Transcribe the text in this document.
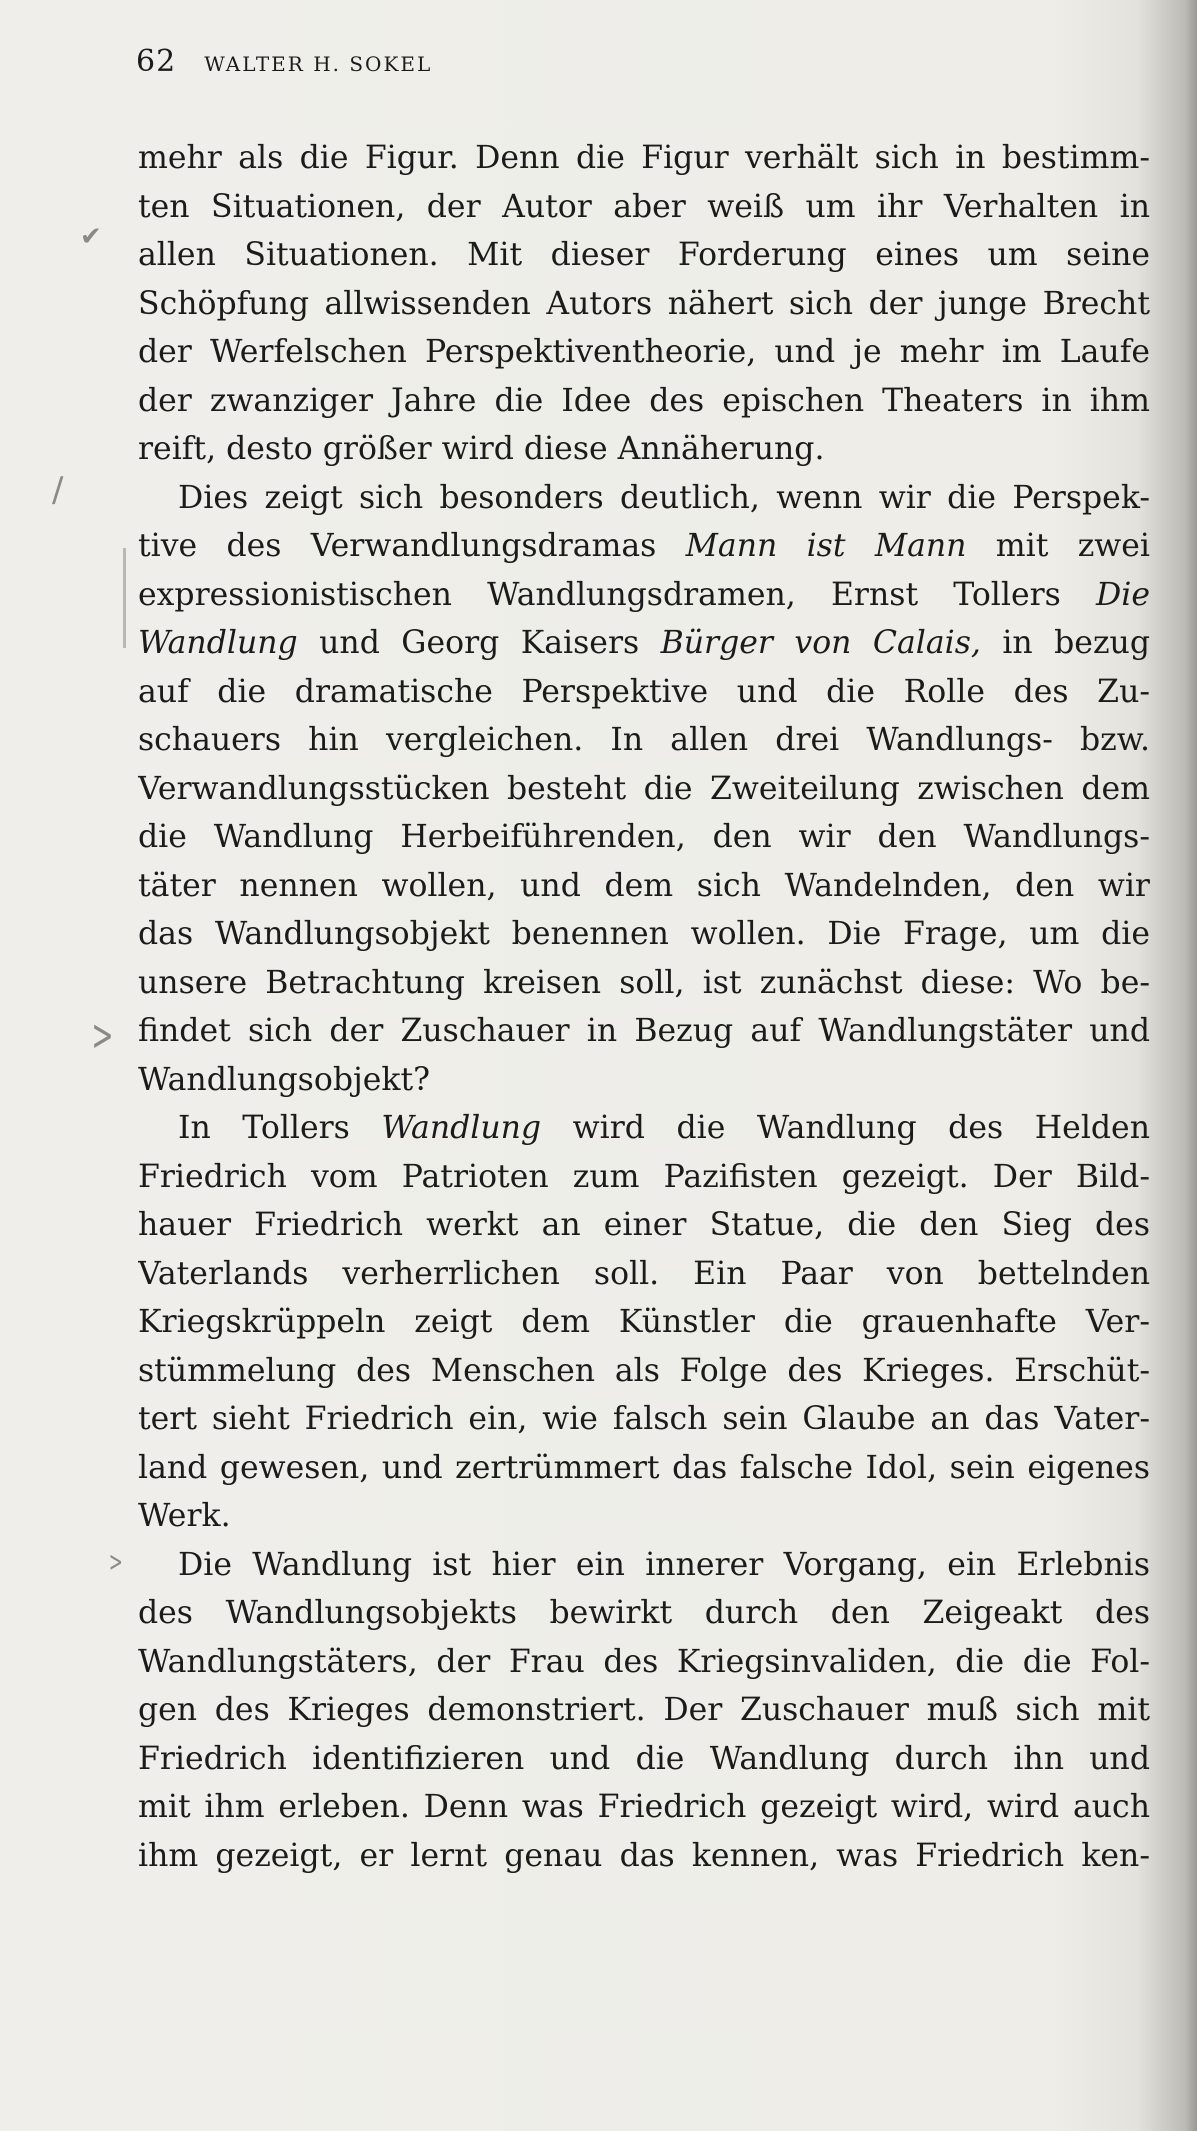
62 WALTER H. SOKEL
mehr als die Figur. Denn die Figur verhält sich in bestimm-
ten Situationen, der Autor aber weiß um ihr Verhalten in
allen Situationen. Mit dieser Forderung eines um seine
Schöpfung allwissenden Autors nähert sich der junge Brecht
der Werfelschen Perspektiventheorie, und je mehr im Laufe
der zwanziger Jahre die Idee des epischen Theaters in ihm
reift, desto größer wird diese Annäherung.
Dies zeigt sich besonders deutlich, wenn wir die Perspek-
tive des Verwandlungsdramas Mann ist Mann mit zwei
expressionistischen Wandlungsdramen, Ernst Tollers Die
Wandlung und Georg Kaisers Bürger von Calais, in bezug
auf die dramatische Perspektive und die Rolle des Zu-
schauers hin vergleichen. In allen drei Wandlungs- bzw.
Verwandlungsstücken besteht die Zweiteilung zwischen dem
die Wandlung Herbeiführenden, den wir den Wandlungs-
täter nennen wollen, und dem sich Wandelnden, den wir
das Wandlungsobjekt benennen wollen. Die Frage, um die
unsere Betrachtung kreisen soll, ist zunächst diese: Wo be-
findet sich der Zuschauer in Bezug auf Wandlungstäter und
Wandlungsobjekt?
In Tollers Wandlung wird die Wandlung des Helden
Friedrich vom Patrioten zum Pazifisten gezeigt. Der Bild-
hauer Friedrich werkt an einer Statue, die den Sieg des
Vaterlands verherrlichen soll. Ein Paar von bettelnden
Kriegskrüppeln zeigt dem Künstler die grauenhafte Ver-
stümmelung des Menschen als Folge des Krieges. Erschüt-
tert sieht Friedrich ein, wie falsch sein Glaube an das Vater-
land gewesen, und zertrümmert das falsche Idol, sein eigenes
Werk.
Die Wandlung ist hier ein innerer Vorgang, ein Erlebnis
des Wandlungsobjekts bewirkt durch den Zeigeakt des
Wandlungstäters, der Frau des Kriegsinvaliden, die die Fol-
gen des Krieges demonstriert. Der Zuschauer muß sich mit
Friedrich identifizieren und die Wandlung durch ihn und
mit ihm erleben. Denn was Friedrich gezeigt wird, wird auch
ihm gezeigt, er lernt genau das kennen, was Friedrich ken-
✔
∕
>
>
